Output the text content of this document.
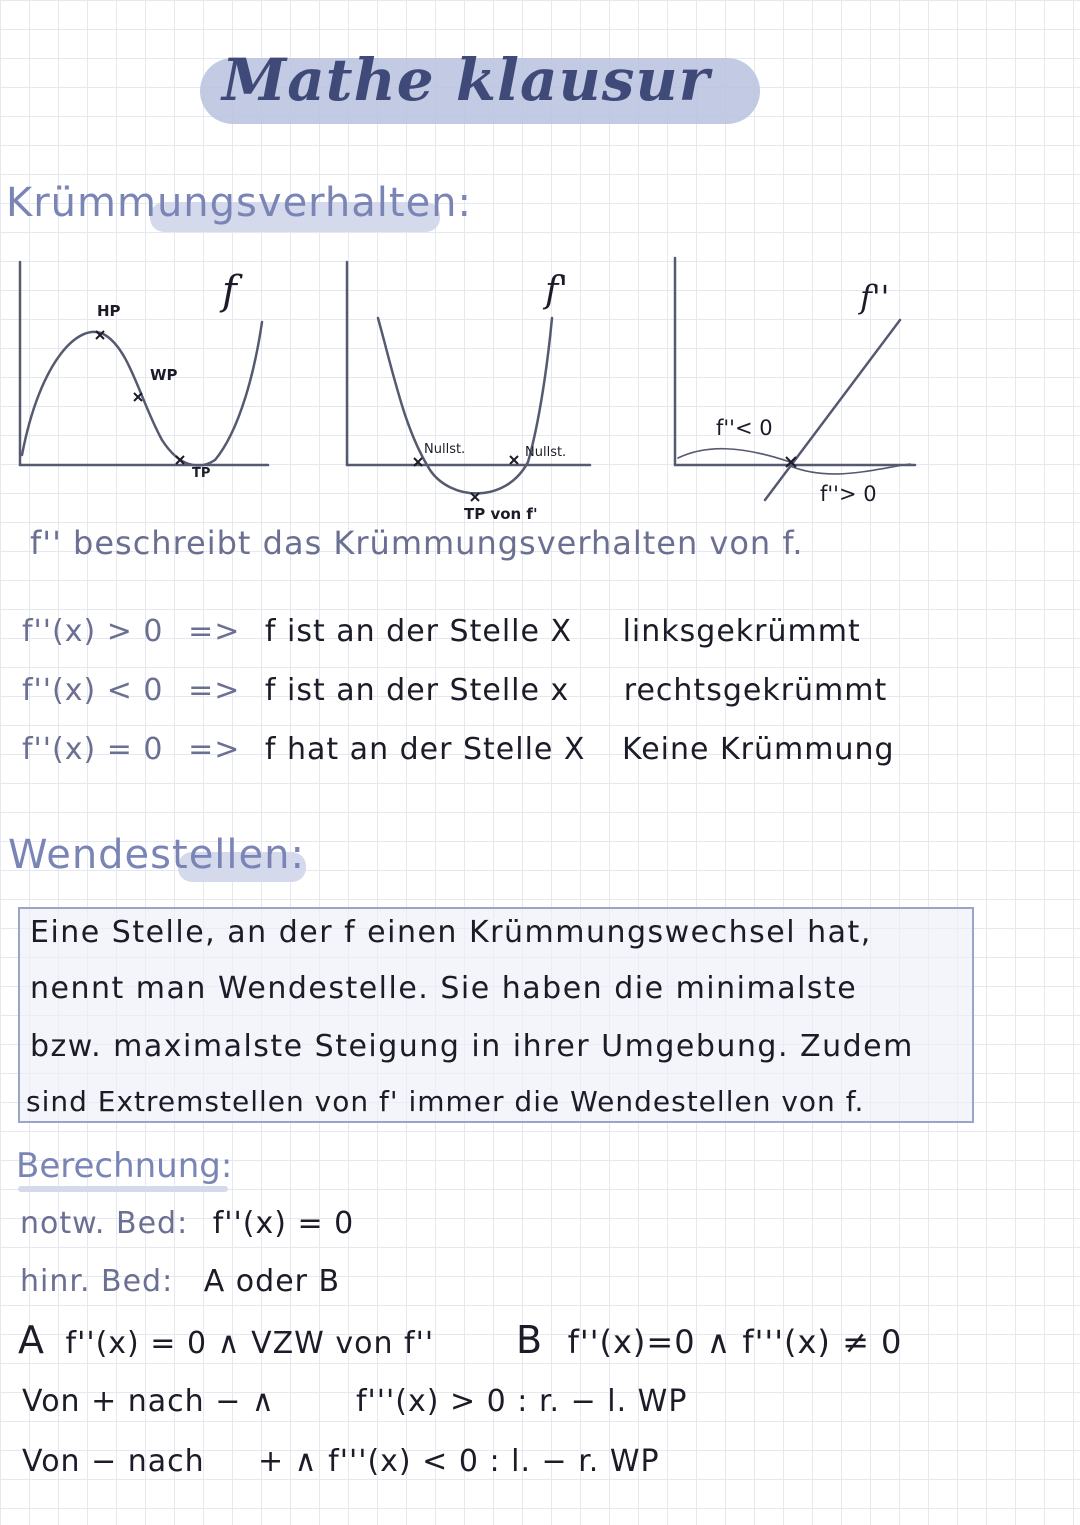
Mathe klausur
Krümmungsverhalten:
f
HP
WP
TP
f'
Nullst.	Nullst.
TP von f'
f''
f''< 0
f''> 0
f'' beschreibt das Krümmungsverhalten von f.
f''(x) > 0 => f ist an der Stelle X linksgekrümmt
f''(x) < 0 => f ist an der Stelle x rechtsgekrümmt
f''(x) = 0 => f hat an der Stelle X Keine Krümmung
Wendestellen:
Eine Stelle, an der f einen Krümmungswechsel hat,
nennt man Wendestelle. Sie haben die minimalste
bzw. maximalste Steigung in ihrer Umgebung. Zudem
sind Extremstellen von f' immer die Wendestellen von f.
Berechnung:
notw. Bed: f''(x) = 0
hinr. Bed: A oder B
A f''(x) = 0 ∧ VZW von f'' B f''(x)=0 ∧ f'''(x) ≠ 0
Von + nach − ∧	f'''(x) > 0 : r. − l. WP
Von − nach + ∧ f'''(x) < 0 : l. − r. WP
